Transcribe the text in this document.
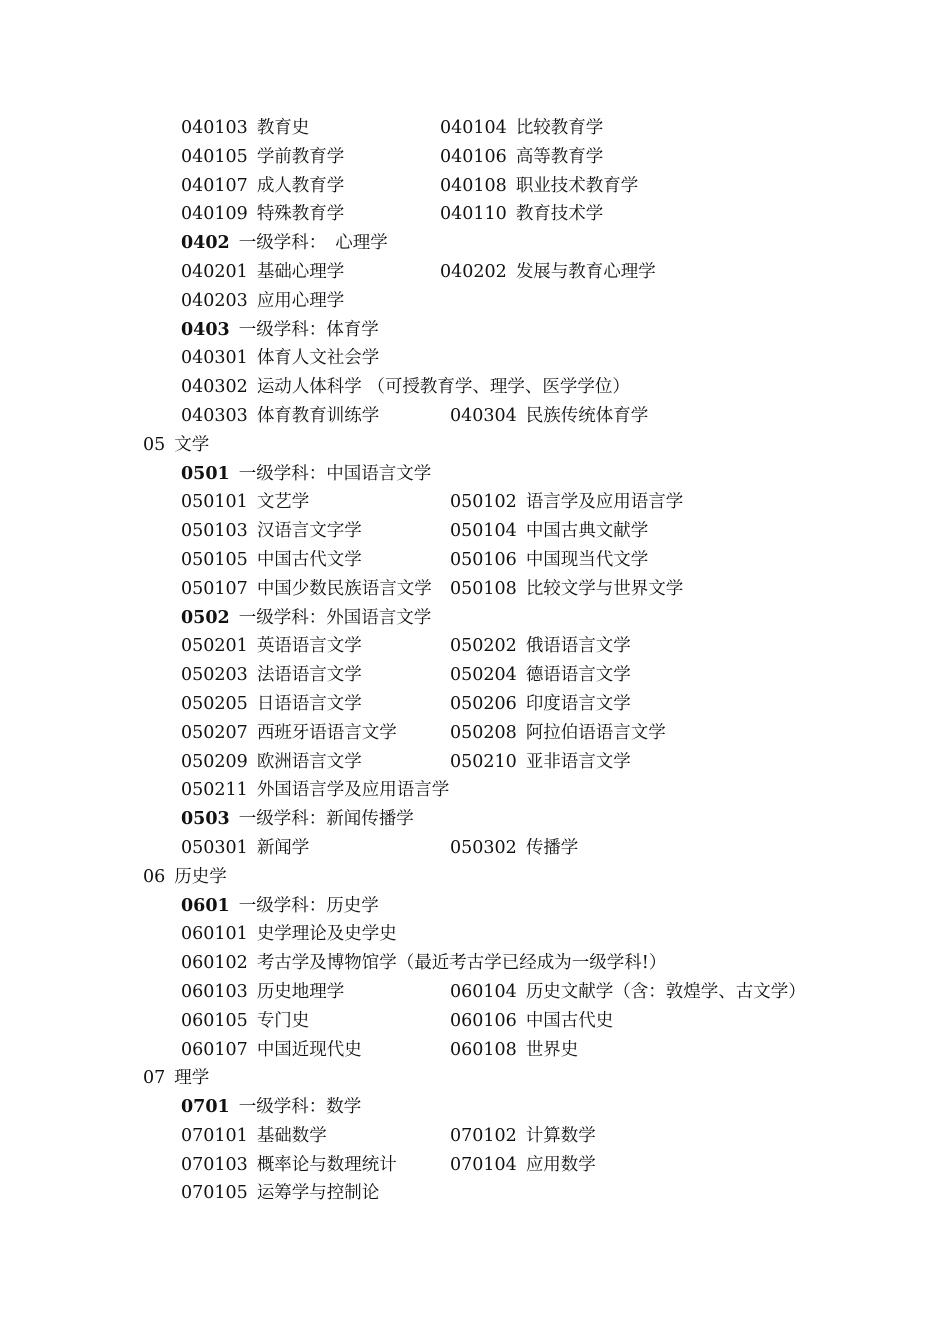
040103 教育史	040104 比较教育学
040105 学前教育学	040106 高等教育学
040107 成人教育学	040108 职业技术教育学
040109 特殊教育学	040110 教育技术学
0402 一级学科： 心理学
040201 基础心理学	040202 发展与教育心理学
040203 应用心理学
0403 一级学科：体育学
040301 体育人文社会学
040302 运动人体科学 （可授教育学、理学、医学学位）
040303 体育教育训练学	040304 民族传统体育学
05 文学
0501 一级学科：中国语言文学
050101 文艺学	050102 语言学及应用语言学
050103 汉语言文字学	050104 中国古典文献学
050105 中国古代文学	050106 中国现当代文学
050107 中国少数民族语言文学 050108 比较文学与世界文学
0502 一级学科：外国语言文学
050201 英语语言文学	050202 俄语语言文学
050203 法语语言文学	050204 德语语言文学
050205 日语语言文学	050206 印度语言文学
050207 西班牙语语言文学	050208 阿拉伯语语言文学
050209 欧洲语言文学	050210 亚非语言文学
050211 外国语言学及应用语言学
0503 一级学科：新闻传播学
050301 新闻学	050302 传播学
06 历史学
0601 一级学科：历史学
060101 史学理论及史学史
060102 考古学及博物馆学（最近考古学已经成为一级学科!）
060103 历史地理学	060104 历史文献学（含：敦煌学、古文学）
060105 专门史	060106 中国古代史
060107 中国近现代史	060108 世界史
07 理学
0701 一级学科：数学
070101 基础数学	070102 计算数学
070103 概率论与数理统计	070104 应用数学
070105 运筹学与控制论
